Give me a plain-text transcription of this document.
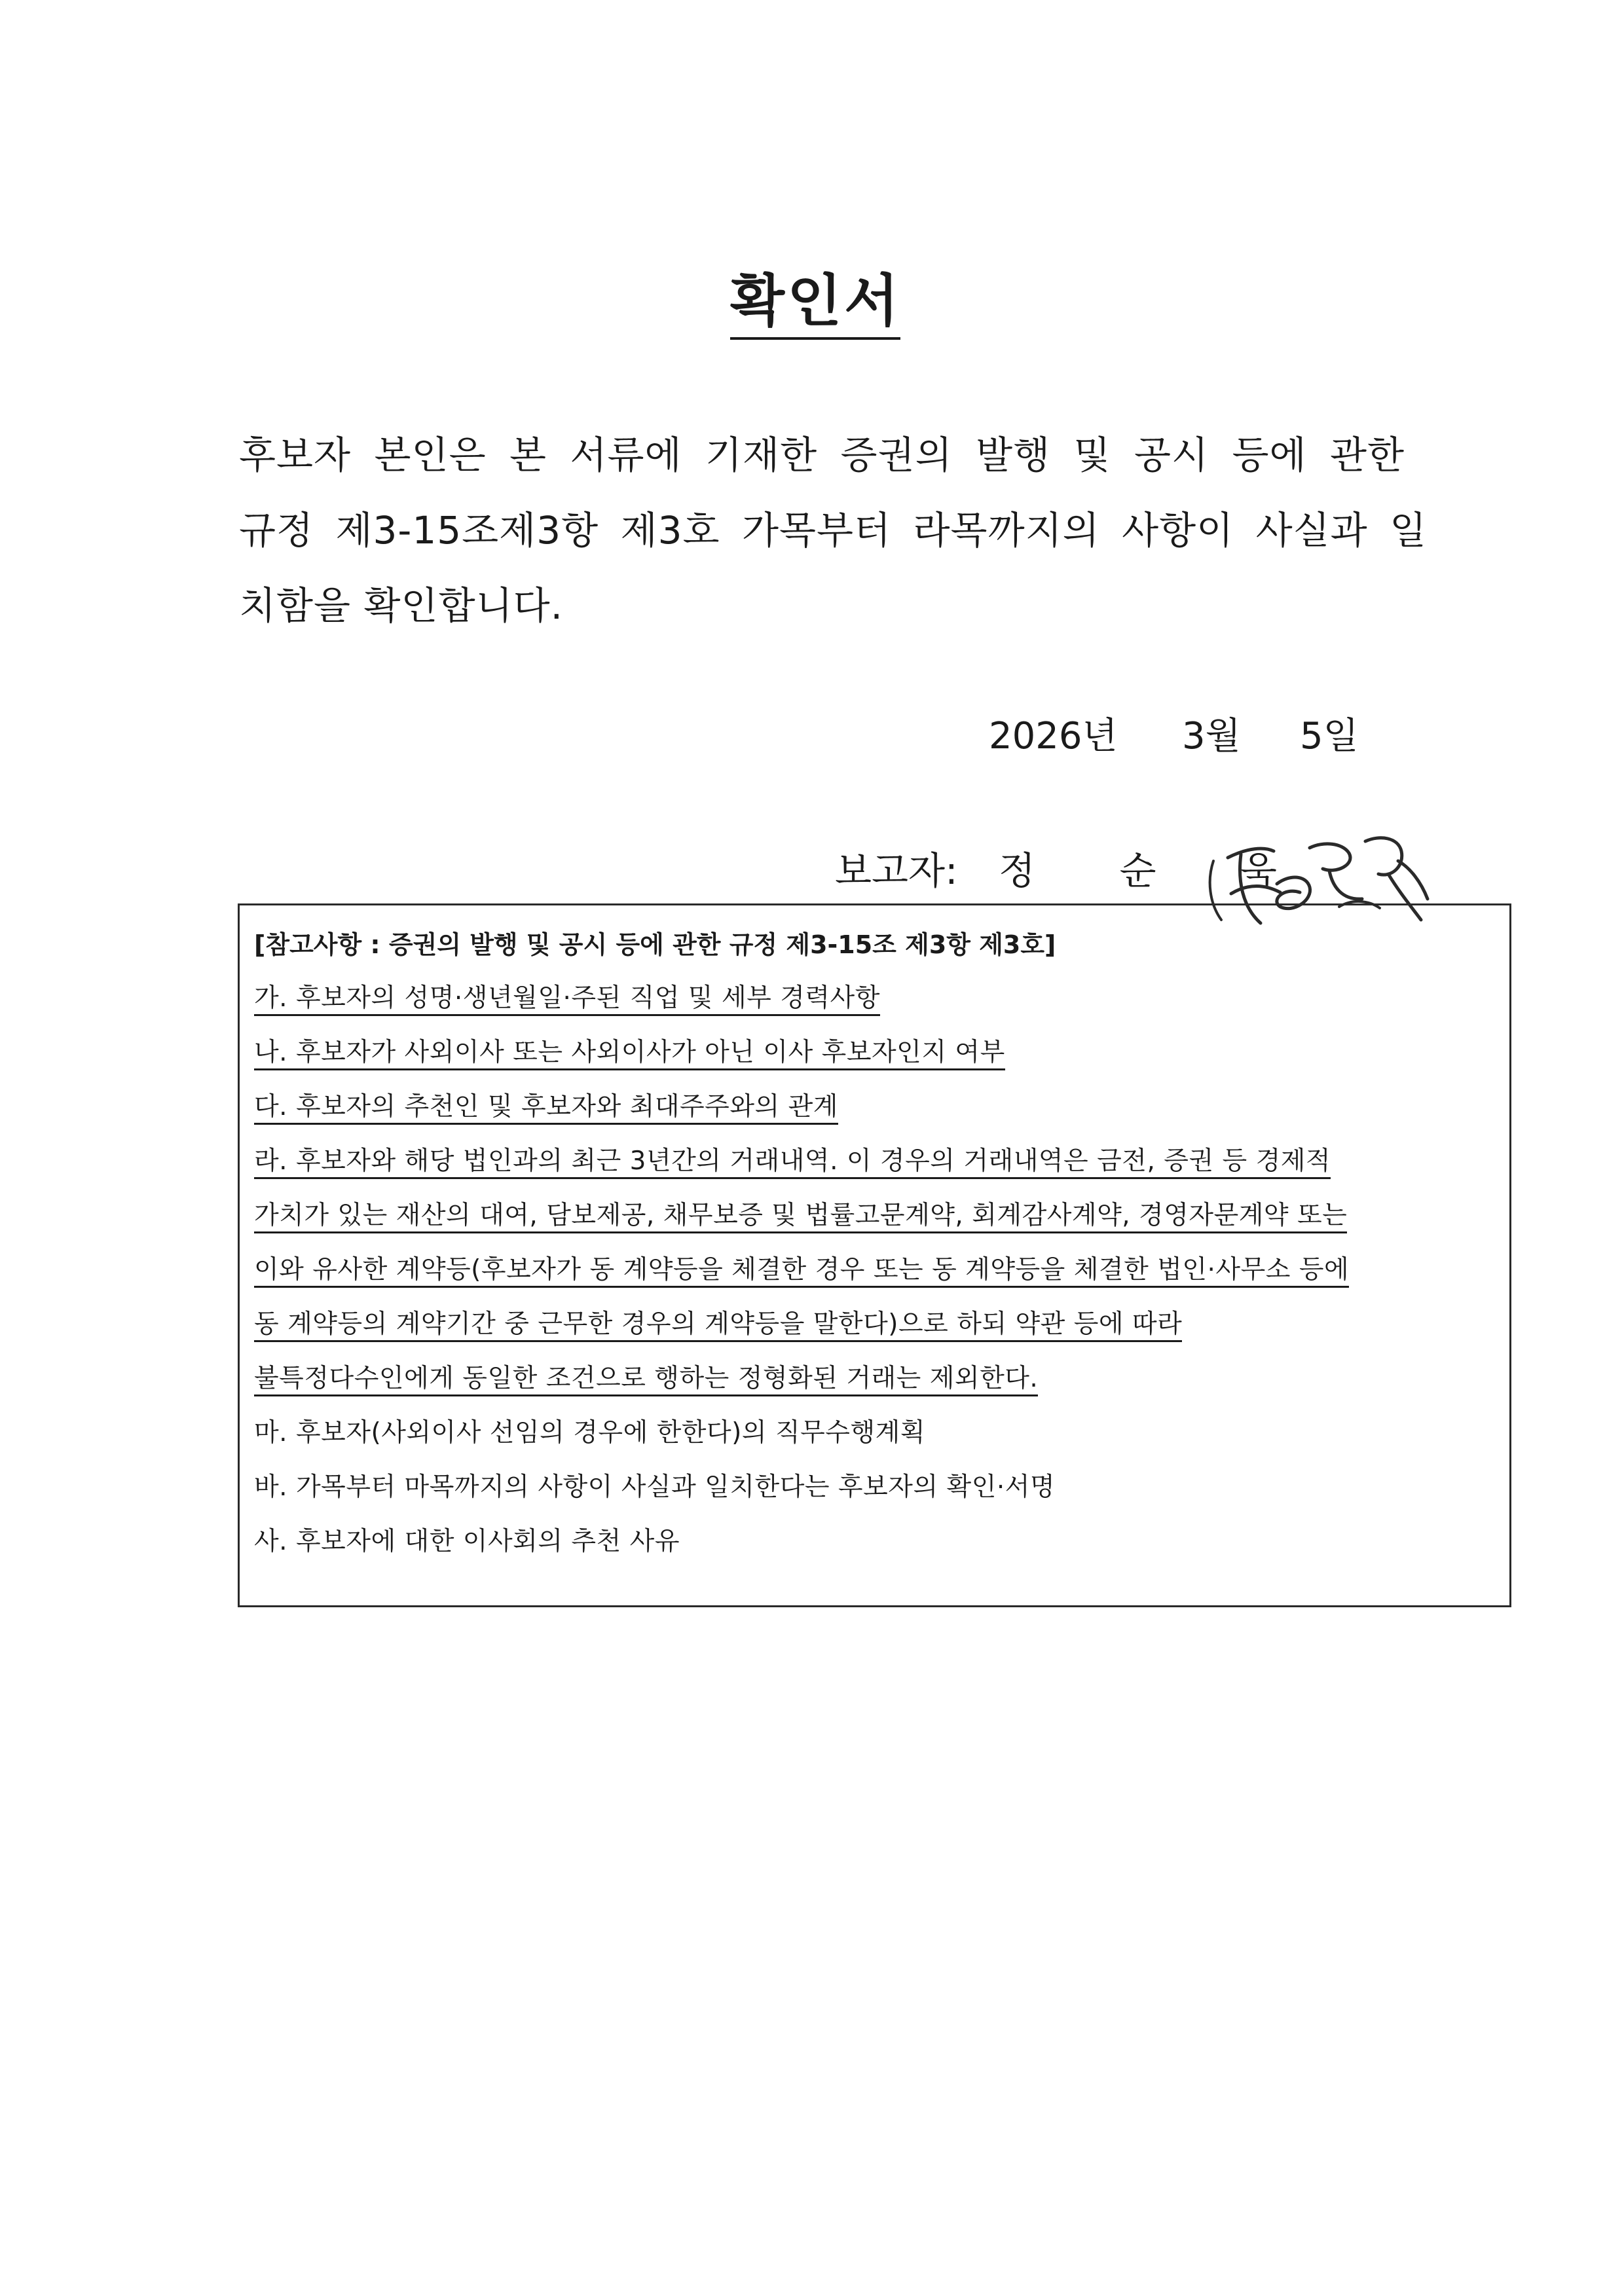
확인서
후보자 본인은 본 서류에 기재한 증권의 발행 및 공시 등에 관한
규정 제3-15조제3항 제3호 가목부터 라목까지의 사항이 사실과 일
치함을 확인합니다.
2026년 3월 5일
보고자: 정 순 욱
[참고사항 : 증권의 발행 및 공시 등에 관한 규정 제3-15조 제3항 제3호]
가. 후보자의 성명·생년월일·주된 직업 및 세부 경력사항
나. 후보자가 사외이사 또는 사외이사가 아닌 이사 후보자인지 여부
다. 후보자의 추천인 및 후보자와 최대주주와의 관계
라. 후보자와 해당 법인과의 최근 3년간의 거래내역. 이 경우의 거래내역은 금전, 증권 등 경제적
가치가 있는 재산의 대여, 담보제공, 채무보증 및 법률고문계약, 회계감사계약, 경영자문계약 또는
이와 유사한 계약등(후보자가 동 계약등을 체결한 경우 또는 동 계약등을 체결한 법인·사무소 등에
동 계약등의 계약기간 중 근무한 경우의 계약등을 말한다)으로 하되 약관 등에 따라
불특정다수인에게 동일한 조건으로 행하는 정형화된 거래는 제외한다.
마. 후보자(사외이사 선임의 경우에 한한다)의 직무수행계획
바. 가목부터 마목까지의 사항이 사실과 일치한다는 후보자의 확인·서명
사. 후보자에 대한 이사회의 추천 사유
